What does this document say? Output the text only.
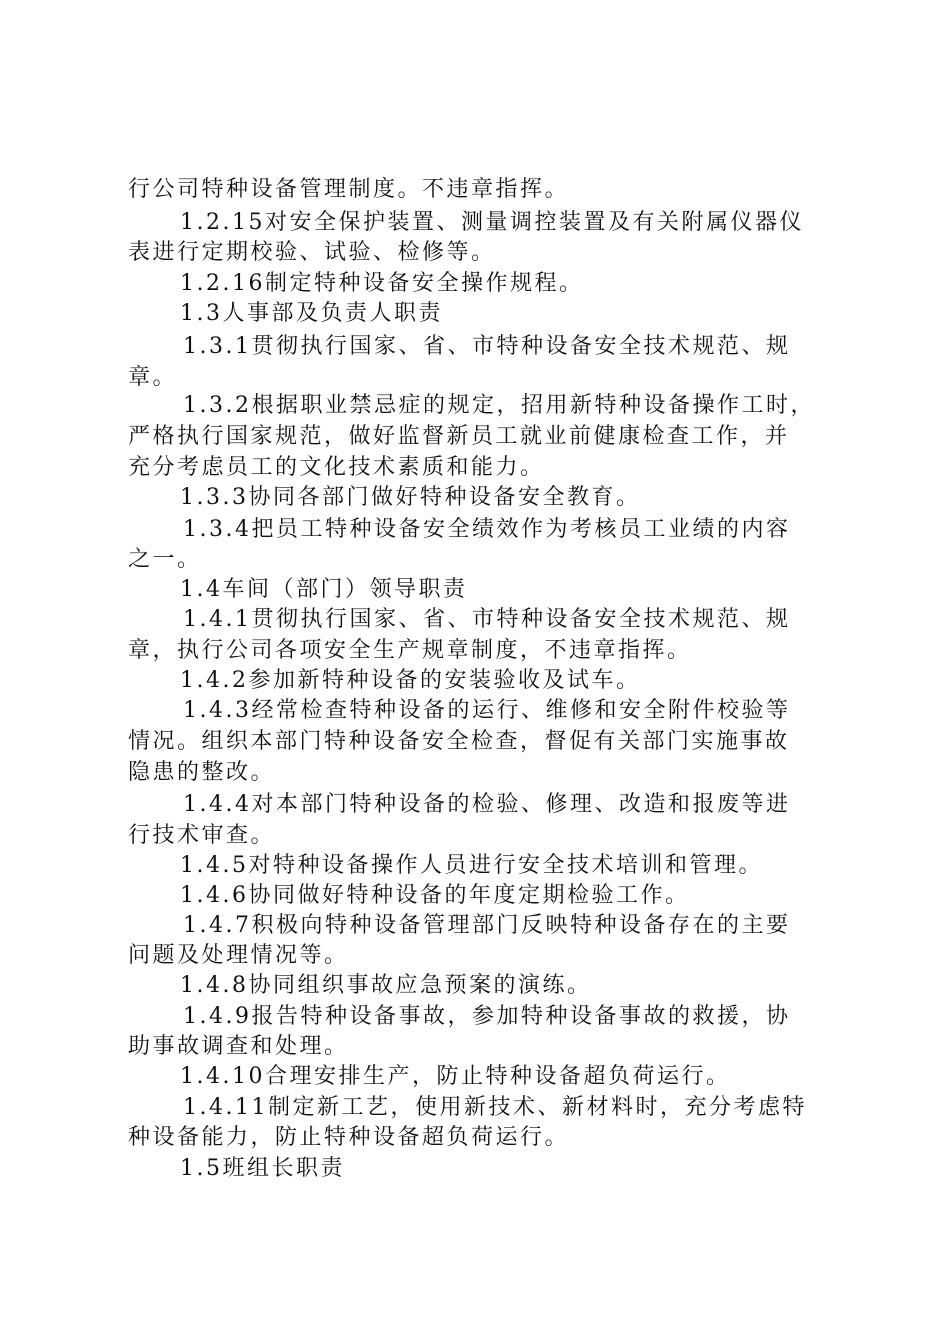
行公司特种设备管理制度。不违章指挥。
1.2.15对安全保护装置、测量调控装置及有关附属仪器仪
表进行定期校验、试验、检修等。
1.2.16制定特种设备安全操作规程。
1.3人事部及负责人职责
1.3.1贯彻执行国家、省、市特种设备安全技术规范、规
章。
1.3.2根据职业禁忌症的规定，招用新特种设备操作工时，
严格执行国家规范，做好监督新员工就业前健康检查工作，并
充分考虑员工的文化技术素质和能力。
1.3.3协同各部门做好特种设备安全教育。
1.3.4把员工特种设备安全绩效作为考核员工业绩的内容
之一。
1.4车间（部门）领导职责
1.4.1贯彻执行国家、省、市特种设备安全技术规范、规
章，执行公司各项安全生产规章制度，不违章指挥。
1.4.2参加新特种设备的安装验收及试车。
1.4.3经常检查特种设备的运行、维修和安全附件校验等
情况。组织本部门特种设备安全检查，督促有关部门实施事故
隐患的整改。
1.4.4对本部门特种设备的检验、修理、改造和报废等进
行技术审查。
1.4.5对特种设备操作人员进行安全技术培训和管理。
1.4.6协同做好特种设备的年度定期检验工作。
1.4.7积极向特种设备管理部门反映特种设备存在的主要
问题及处理情况等。
1.4.8协同组织事故应急预案的演练。
1.4.9报告特种设备事故，参加特种设备事故的救援，协
助事故调查和处理。
1.4.10合理安排生产，防止特种设备超负荷运行。
1.4.11制定新工艺，使用新技术、新材料时，充分考虑特
种设备能力，防止特种设备超负荷运行。
1.5班组长职责
